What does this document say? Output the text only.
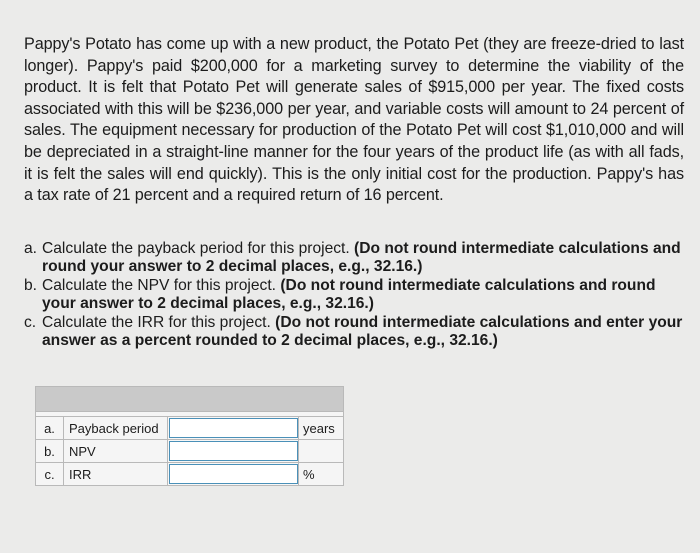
Pappy's Potato has come up with a new product, the Potato Pet (they are freeze-dried to last longer). Pappy's paid $200,000 for a marketing survey to determine the viability of the product. It is felt that Potato Pet will generate sales of $915,000 per year. The fixed costs associated with this will be $236,000 per year, and variable costs will amount to 24 percent of sales. The equipment necessary for production of the Potato Pet will cost $1,010,000 and will be depreciated in a straight-line manner for the four years of the product life (as with all fads, it is felt the sales will end quickly). This is the only initial cost for the production. Pappy's has a tax rate of 21 percent and a required return of 16 percent.
a. Calculate the payback period for this project. (Do not round intermediate calculations and round your answer to 2 decimal places, e.g., 32.16.)
b. Calculate the NPV for this project. (Do not round intermediate calculations and round your answer to 2 decimal places, e.g., 32.16.)
c. Calculate the IRR for this project. (Do not round intermediate calculations and enter your answer as a percent rounded to 2 decimal places, e.g., 32.16.)

a.	Payback period		years
b.	NPV	

c.	IRR		%
